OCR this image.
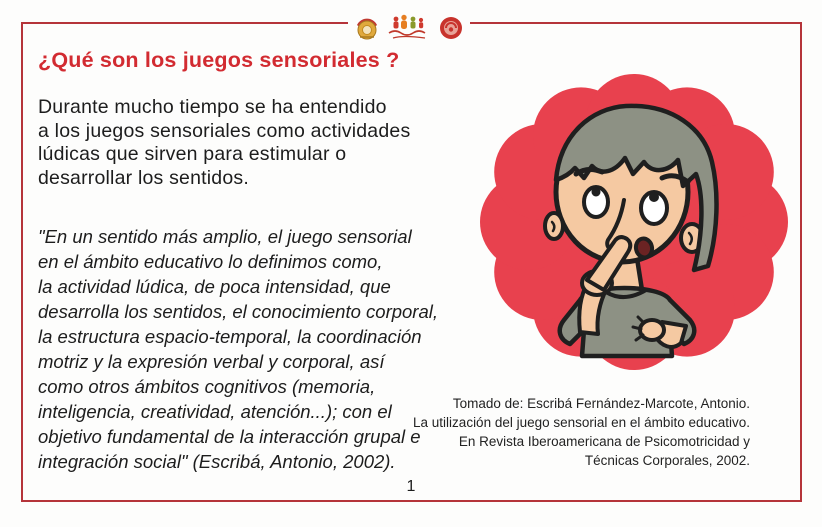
¿Qué son los juegos sensoriales ?
Durante mucho tiempo se ha entendido
a los juegos sensoriales como actividades
lúdicas que sirven para estimular o
desarrollar los sentidos.
"En un sentido más amplio, el juego sensorial
en el ámbito educativo lo definimos como,
la actividad lúdica, de poca intensidad, que
desarrolla los sentidos, el conocimiento corporal,
la estructura espacio-temporal, la coordinación
motriz y la expresión verbal y corporal, así
como otros ámbitos cognitivos (memoria,
inteligencia, creatividad, atención...); con el
objetivo fundamental de la interacción grupal e
integración social" (Escribá, Antonio, 2002).
Tomado de: Escribá Fernández-Marcote, Antonio.
La utilización del juego sensorial en el ámbito educativo.
En Revista Iberoamericana de Psicomotricidad y
Técnicas Corporales, 2002.
1
